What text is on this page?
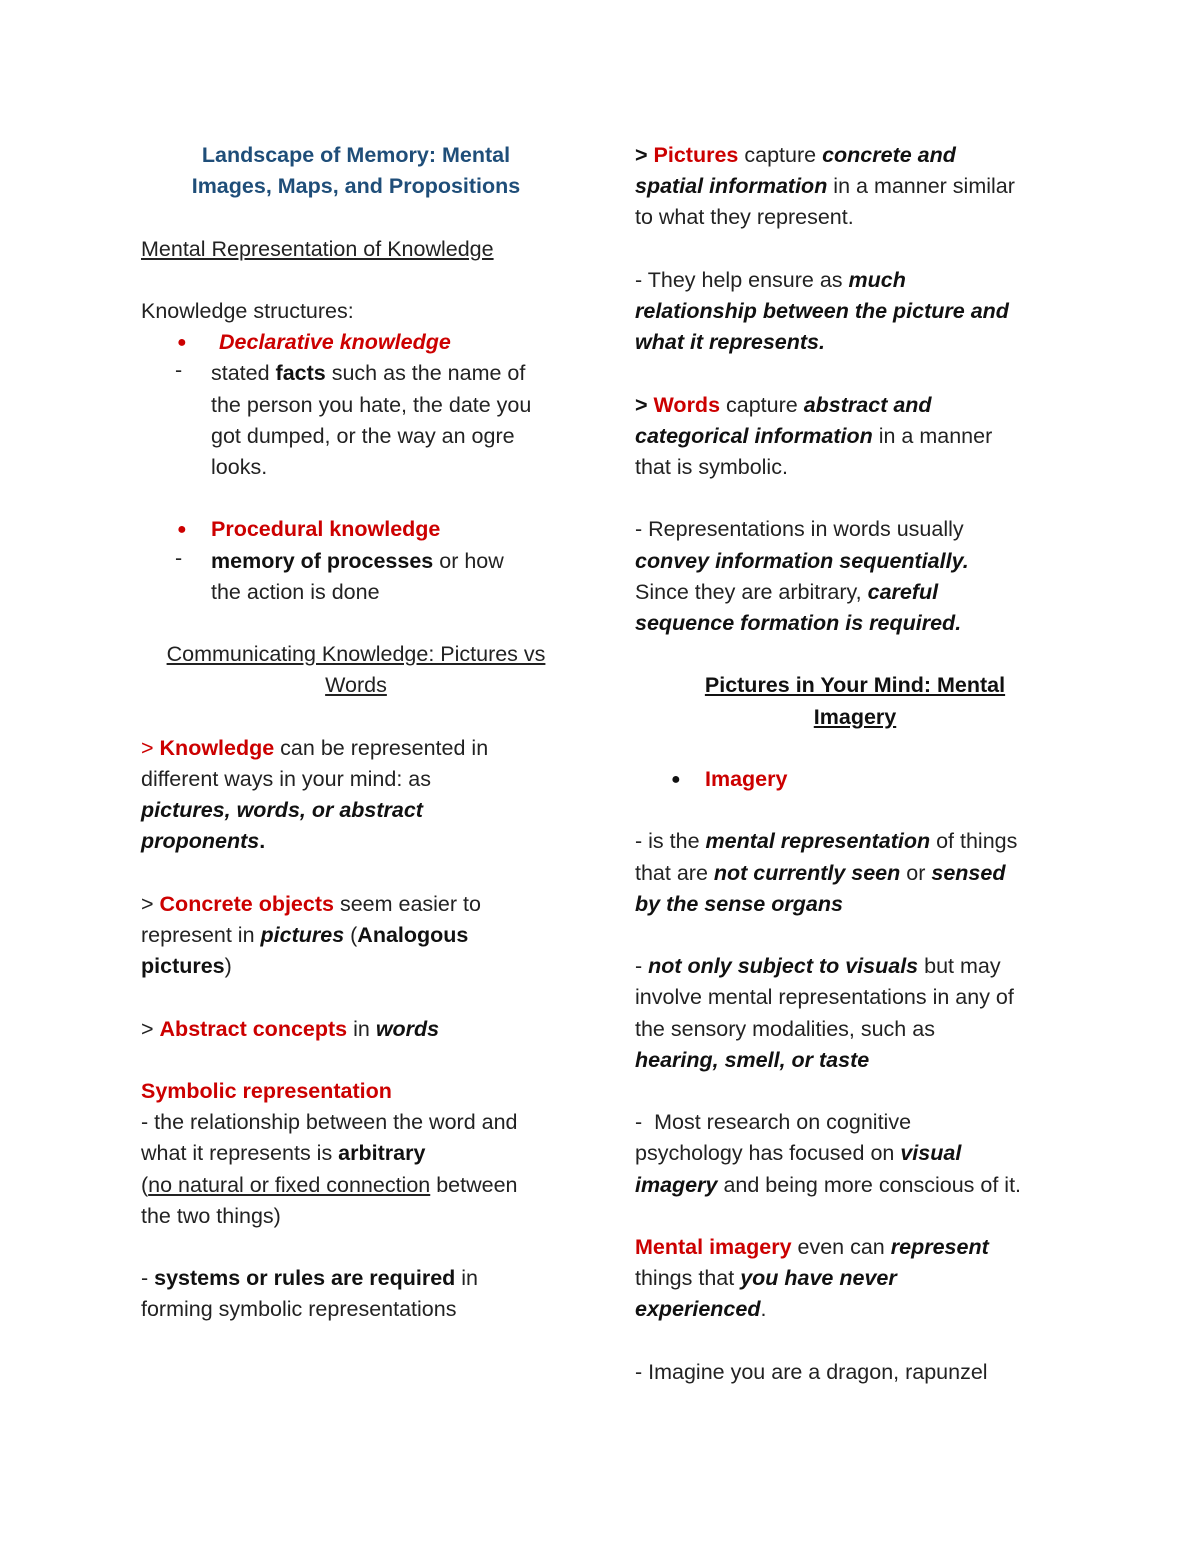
Landscape of Memory: Mental
Images, Maps, and Propositions

Mental Representation of Knowledge

Knowledge structures:

● Declarative knowledge

- stated facts such as the name of

the person you hate, the date you

got dumped, or the way an ogre

looks.

● Procedural knowledge

- memory of processes or how

the action is done

Communicating Knowledge: Pictures vs
Words

> Knowledge can be represented in

different ways in your mind: as

pictures, words, or abstract

proponents.

> Concrete objects seem easier to

represent in pictures (Analogous

pictures)

> Abstract concepts in words

Symbolic representation

- the relationship between the word and

what it represents is arbitrary

(no natural or fixed connection between

the two things)

- systems or rules are required in

forming symbolic representations

> Pictures capture concrete and

spatial information in a manner similar

to what they represent.

- They help ensure as much

relationship between the picture and

what it represents.

> Words capture abstract and

categorical information in a manner

that is symbolic.

- Representations in words usually

convey information sequentially.

Since they are arbitrary, careful

sequence formation is required.

Pictures in Your Mind: Mental
Imagery

● Imagery

- is the mental representation of things

that are not currently seen or sensed

by the sense organs

- not only subject to visuals but may

involve mental representations in any of

the sensory modalities, such as

hearing, smell, or taste

-  Most research on cognitive

psychology has focused on visual

imagery and being more conscious of it.

Mental imagery even can represent

things that you have never

experienced.

- Imagine you are a dragon, rapunzel
